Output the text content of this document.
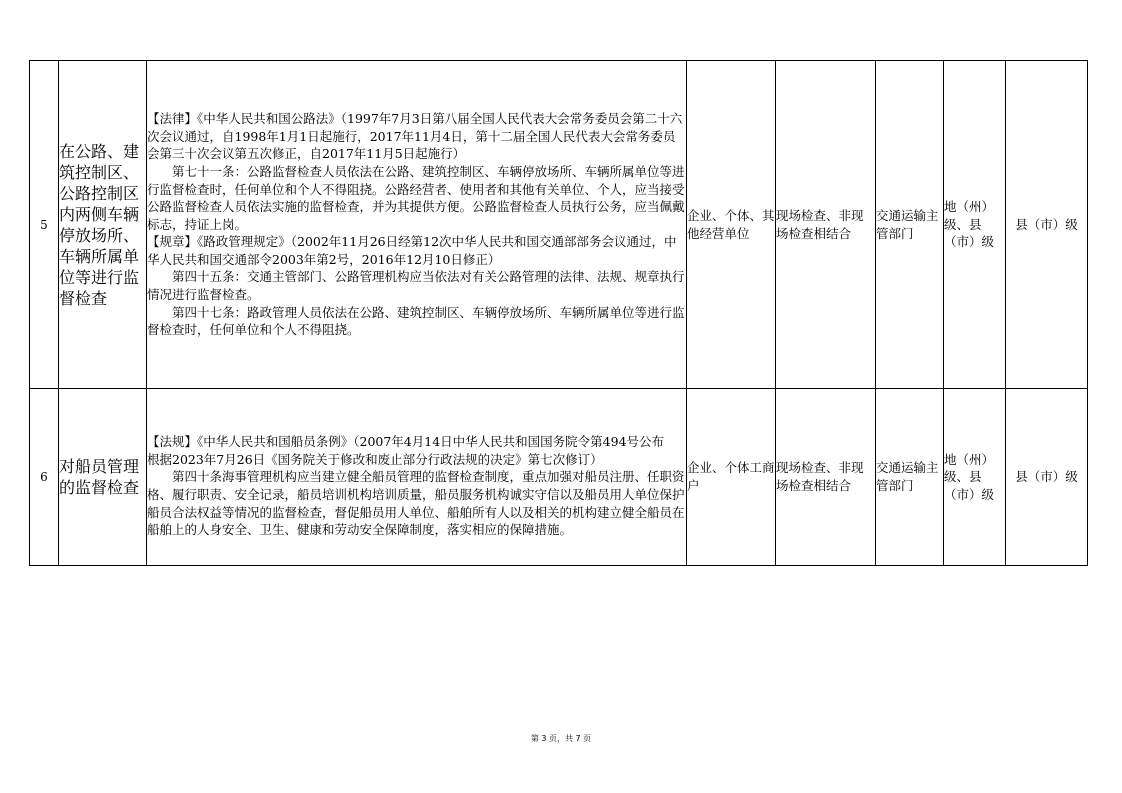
5	在公路、建筑控制区、公路控制区内两侧车辆停放场所、车辆所属单位等进行监督检查	【法律】《中华人民共和国公路法》（1997年7月3日第八届全国人民代表大会常务委员会第二十六次会议通过，自1998年1月1日起施行，2017年11月4日，第十二届全国人民代表大会常务委员会第三十次会议第五次修正，自2017年11月5日起施行）

第七十一条：公路监督检查人员依法在公路、建筑控制区、车辆停放场所、车辆所属单位等进行监督检查时，任何单位和个人不得阻挠。公路经营者、使用者和其他有关单位、个人，应当接受公路监督检查人员依法实施的监督检查，并为其提供方便。公路监督检查人员执行公务，应当佩戴标志，持证上岗。

【规章】《路政管理规定》（2002年11月26日经第12次中华人民共和国交通部部务会议通过，中华人民共和国交通部令2003年第2号，2016年12月10日修正）

第四十五条：交通主管部门、公路管理机构应当依法对有关公路管理的法律、法规、规章执行情况进行监督检查。

第四十七条：路政管理人员依法在公路、建筑控制区、车辆停放场所、车辆所属单位等进行监督检查时，任何单位和个人不得阻挠。	企业、个体、其他经营单位	现场检查、非现场检查相结合	交通运输主管部门	地（州）级、县（市）级	县（市）级
6	对船员管理的监督检查	【法规】《中华人民共和国船员条例》（2007年4月14日中华人民共和国国务院令第494号公布　根据2023年7月26日《国务院关于修改和废止部分行政法规的决定》第七次修订）

第四十条海事管理机构应当建立健全船员管理的监督检查制度，重点加强对船员注册、任职资格、履行职责、安全记录，船员培训机构培训质量，船员服务机构诚实守信以及船员用人单位保护船员合法权益等情况的监督检查，督促船员用人单位、船舶所有人以及相关的机构建立健全船员在船舶上的人身安全、卫生、健康和劳动安全保障制度，落实相应的保障措施。	企业、个体工商户	现场检查、非现场检查相结合	交通运输主管部门	地（州）级、县（市）级	县（市）级
第 3 页，共 7 页
